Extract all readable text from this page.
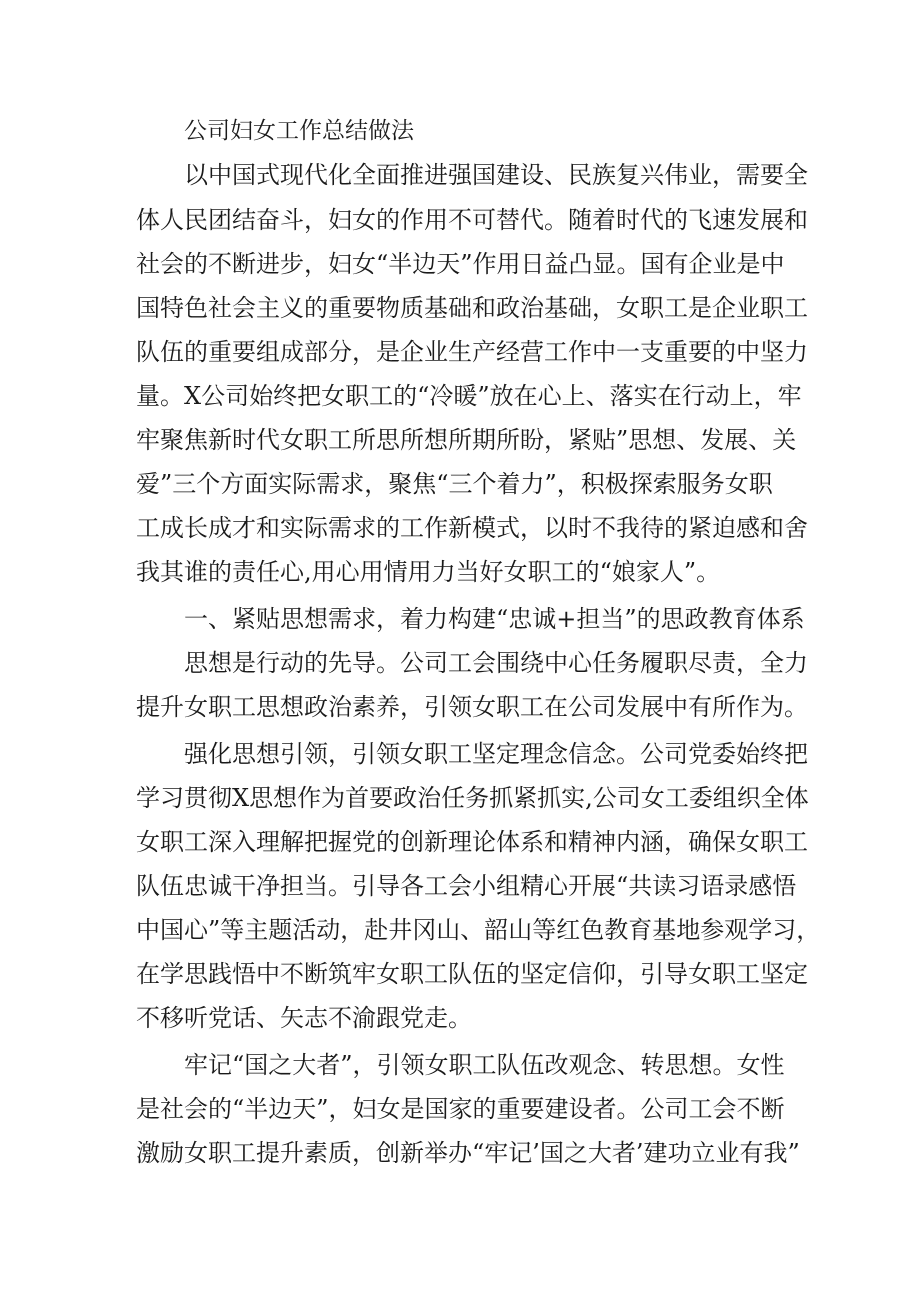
公司妇女工作总结做法
以中国式现代化全面推进强国建设、民族复兴伟业，需要全
体人民团结奋斗，妇女的作用不可替代。随着时代的飞速发展和
社会的不断进步，妇女“半边天”作用日益凸显。国有企业是中
国特色社会主义的重要物质基础和政治基础，女职工是企业职工
队伍的重要组成部分，是企业生产经营工作中一支重要的中坚力
量。X公司始终把女职工的“冷暖”放在心上、落实在行动上，牢
牢聚焦新时代女职工所思所想所期所盼，紧贴”思想、发展、关
爱”三个方面实际需求，聚焦“三个着力”，积极探索服务女职
工成长成才和实际需求的工作新模式，以时不我待的紧迫感和舍
我其谁的责任心,用心用情用力当好女职工的“娘家人”。
一、紧贴思想需求，着力构建“忠诚+担当”的思政教育体系
思想是行动的先导。公司工会围绕中心任务履职尽责，全力
提升女职工思想政治素养，引领女职工在公司发展中有所作为。
强化思想引领，引领女职工坚定理念信念。公司党委始终把
学习贯彻X思想作为首要政治任务抓紧抓实,公司女工委组织全体
女职工深入理解把握党的创新理论体系和精神内涵，确保女职工
队伍忠诚干净担当。引导各工会小组精心开展“共读习语录感悟
中国心”等主题活动，赴井冈山、韶山等红色教育基地参观学习，
在学思践悟中不断筑牢女职工队伍的坚定信仰，引导女职工坚定
不移听党话、矢志不渝跟党走。
牢记“国之大者”，引领女职工队伍改观念、转思想。女性
是社会的“半边天”，妇女是国家的重要建设者。公司工会不断
激励女职工提升素质，创新举办“牢记’国之大者’建功立业有我”
